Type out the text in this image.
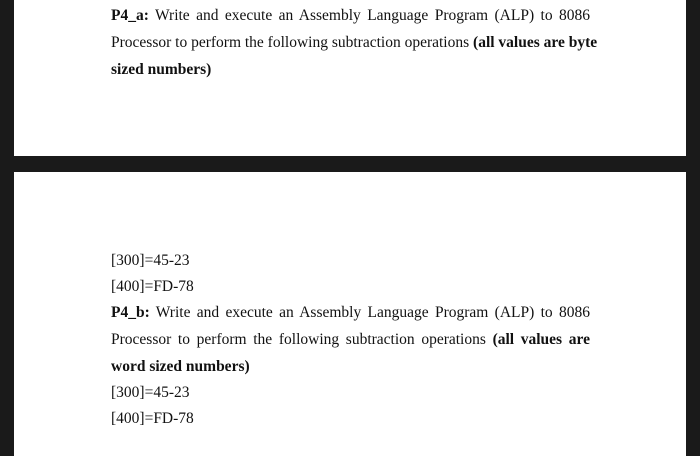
P4_a: Write and execute an Assembly Language Program (ALP) to 8086
Processor to perform the following subtraction operations (all values are byte
sized numbers)
[300]=45-23
[400]=FD-78
P4_b: Write and execute an Assembly Language Program (ALP) to 8086
Processor to perform the following subtraction operations (all values are
word sized numbers)
[300]=45-23
[400]=FD-78
